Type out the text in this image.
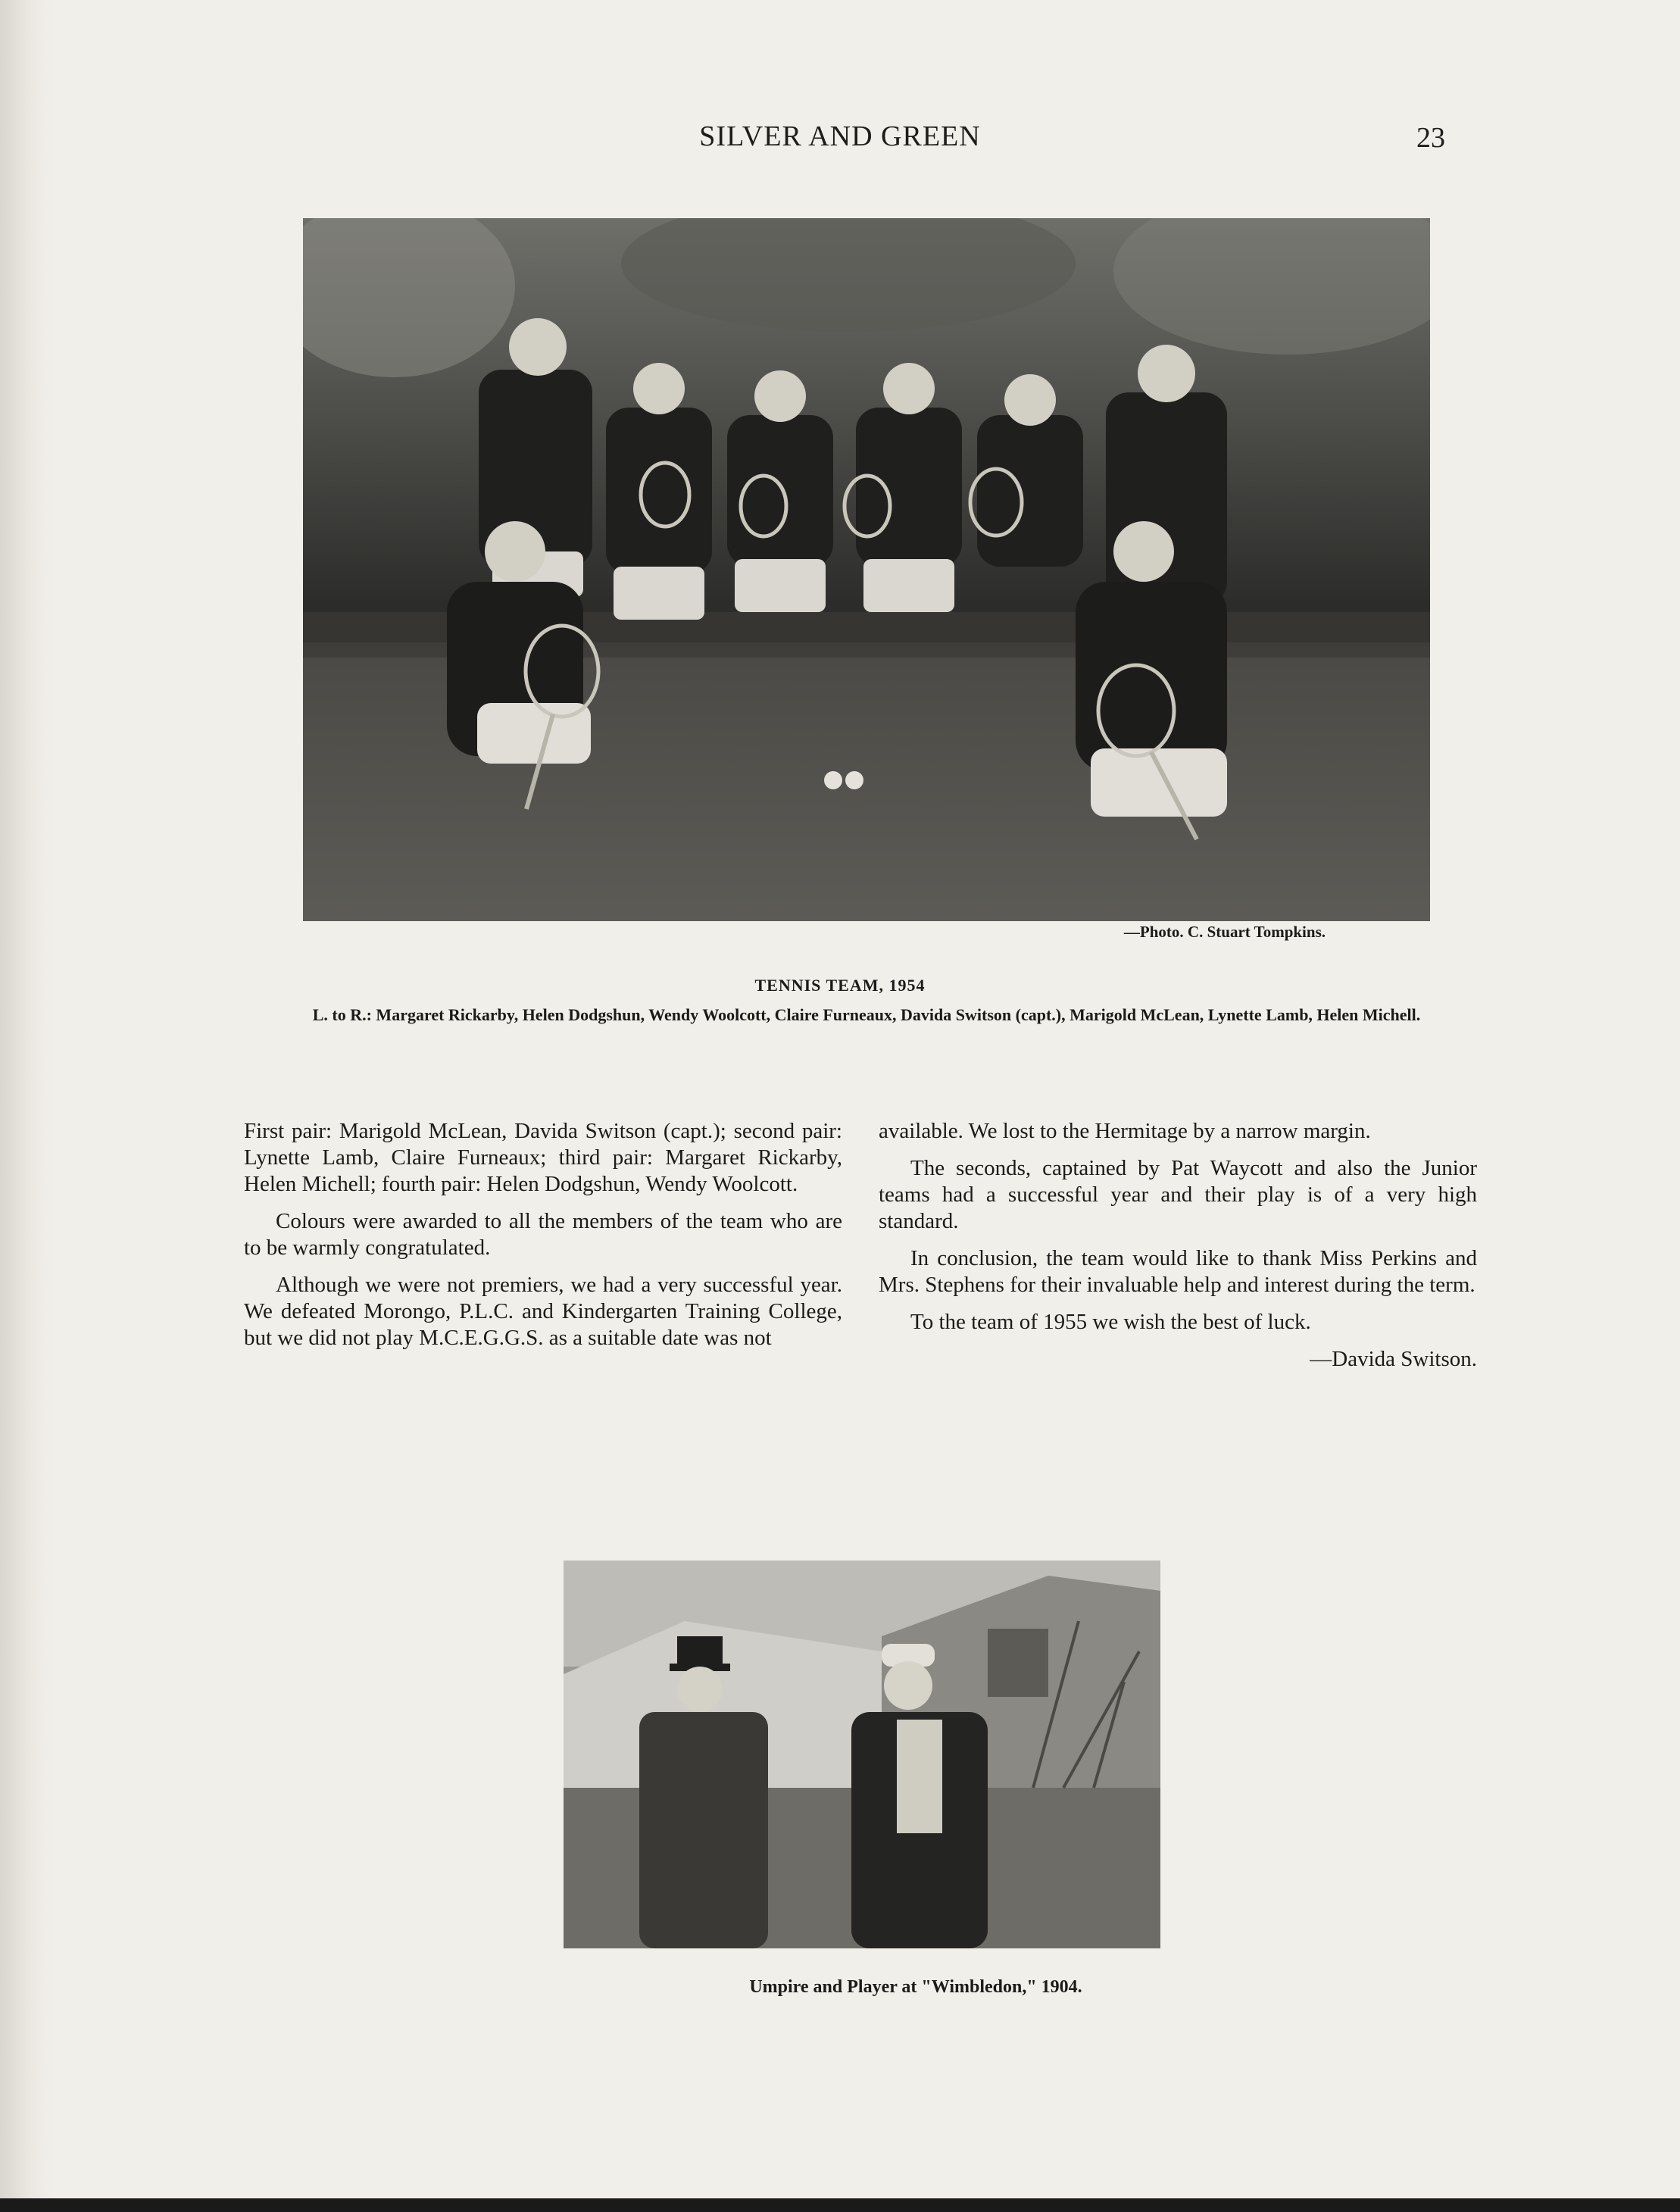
SILVER AND GREEN	23
—Photo. C. Stuart Tompkins.
TENNIS TEAM, 1954
L. to R.: Margaret Rickarby, Helen Dodgshun, Wendy Woolcott, Claire Furneaux, Davida Switson (capt.), Marigold McLean, Lynette Lamb, Helen Michell.

First pair: Marigold McLean, Davida Switson (capt.); second pair: Lynette Lamb, Claire Furneaux; third pair: Margaret Rickarby, Helen Michell; fourth pair: Helen Dodgshun, Wendy Woolcott.

Colours were awarded to all the members of the team who are to be warmly congratulated.

Although we were not premiers, we had a very successful year. We defeated Morongo, P.L.C. and Kindergarten Training College, but we did not play M.C.E.G.G.S. as a suitable date was not

available. We lost to the Hermitage by a narrow margin.

The seconds, captained by Pat Waycott and also the Junior teams had a successful year and their play is of a very high standard.

In conclusion, the team would like to thank Miss Perkins and Mrs. Stephens for their invaluable help and interest during the term.

To the team of 1955 we wish the best of luck.

—Davida Switson.

Umpire and Player at "Wimbledon," 1904.
